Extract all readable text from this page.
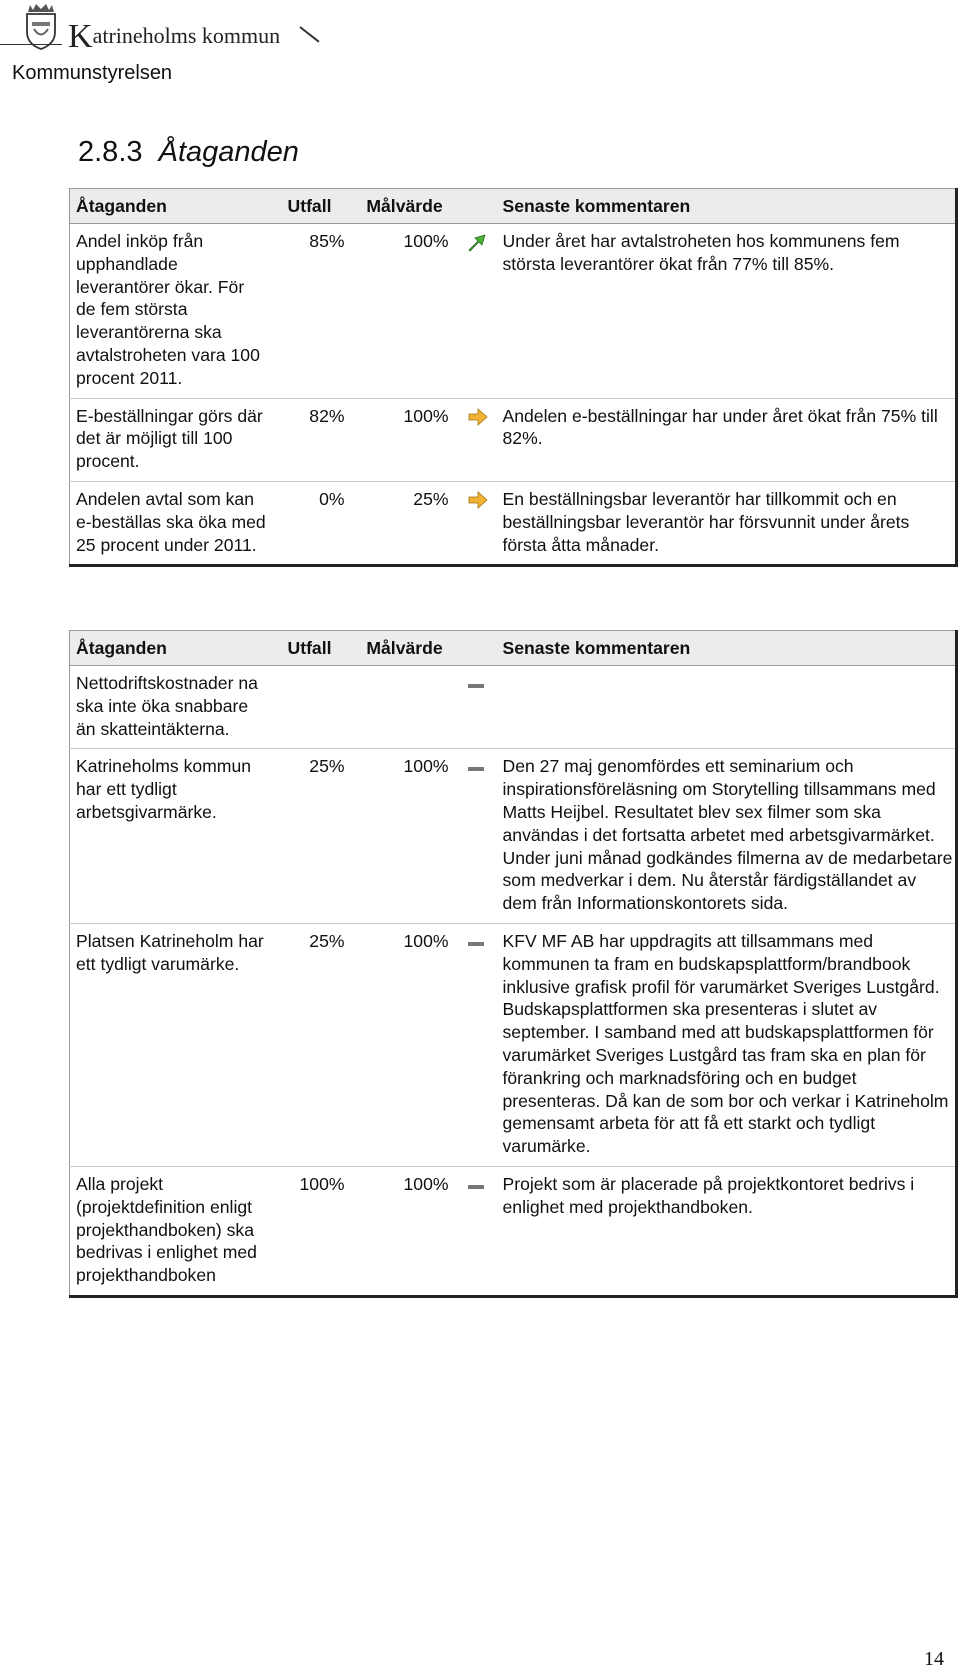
Katrineholms kommun
Kommunstyrelsen
2.8.3 Åtaganden
Åtaganden	Utfall	Målvärde		Senaste kommentaren
Andel inköp från upphandlade leverantörer ökar. För de fem största leverantörerna ska avtalstroheten vara 100 procent 2011.	85%	100%		Under året har avtalstroheten hos kommunens fem största leverantörer ökat från 77% till 85%.
E-beställningar görs där det är möjligt till 100 procent.	82%	100%		Andelen e-beställningar har under året ökat från 75% till 82%.
Andelen avtal som kan e-beställas ska öka med 25 procent under 2011.	0%	25%		En beställningsbar leverantör har tillkommit och en beställningsbar leverantör har försvunnit under årets första åtta månader.
Åtaganden	Utfall	Målvärde		Senaste kommentaren
Nettodriftskostnader na ska inte öka snabbare än skatteintäkterna.				
Katrineholms kommun har ett tydligt arbetsgivarmärke.	25%	100%		Den 27 maj genomfördes ett seminarium och inspirationsföreläsning om Storytelling tillsammans med Matts Heijbel. Resultatet blev sex filmer som ska användas i det fortsatta arbetet med arbetsgivarmärket. Under juni månad godkändes filmerna av de medarbetare som medverkar i dem. Nu återstår färdigställandet av dem från Informationskontorets sida.
Platsen Katrineholm har ett tydligt varumärke.	25%	100%		KFV MF AB har uppdragits att tillsammans med kommunen ta fram en budskapsplattform/brandbook inklusive grafisk profil för varumärket Sveriges Lustgård. Budskapsplattformen ska presenteras i slutet av september. I samband med att budskapsplattformen för varumärket Sveriges Lustgård tas fram ska en plan för förankring och marknadsföring och en budget presenteras. Då kan de som bor och verkar i Katrineholm gemensamt arbeta för att få ett starkt och tydligt varumärke.
Alla projekt (projektdefinition enligt projekthandboken) ska bedrivas i enlighet med projekthandboken	100%	100%		Projekt som är placerade på projektkontoret bedrivs i enlighet med projekthandboken.
14
